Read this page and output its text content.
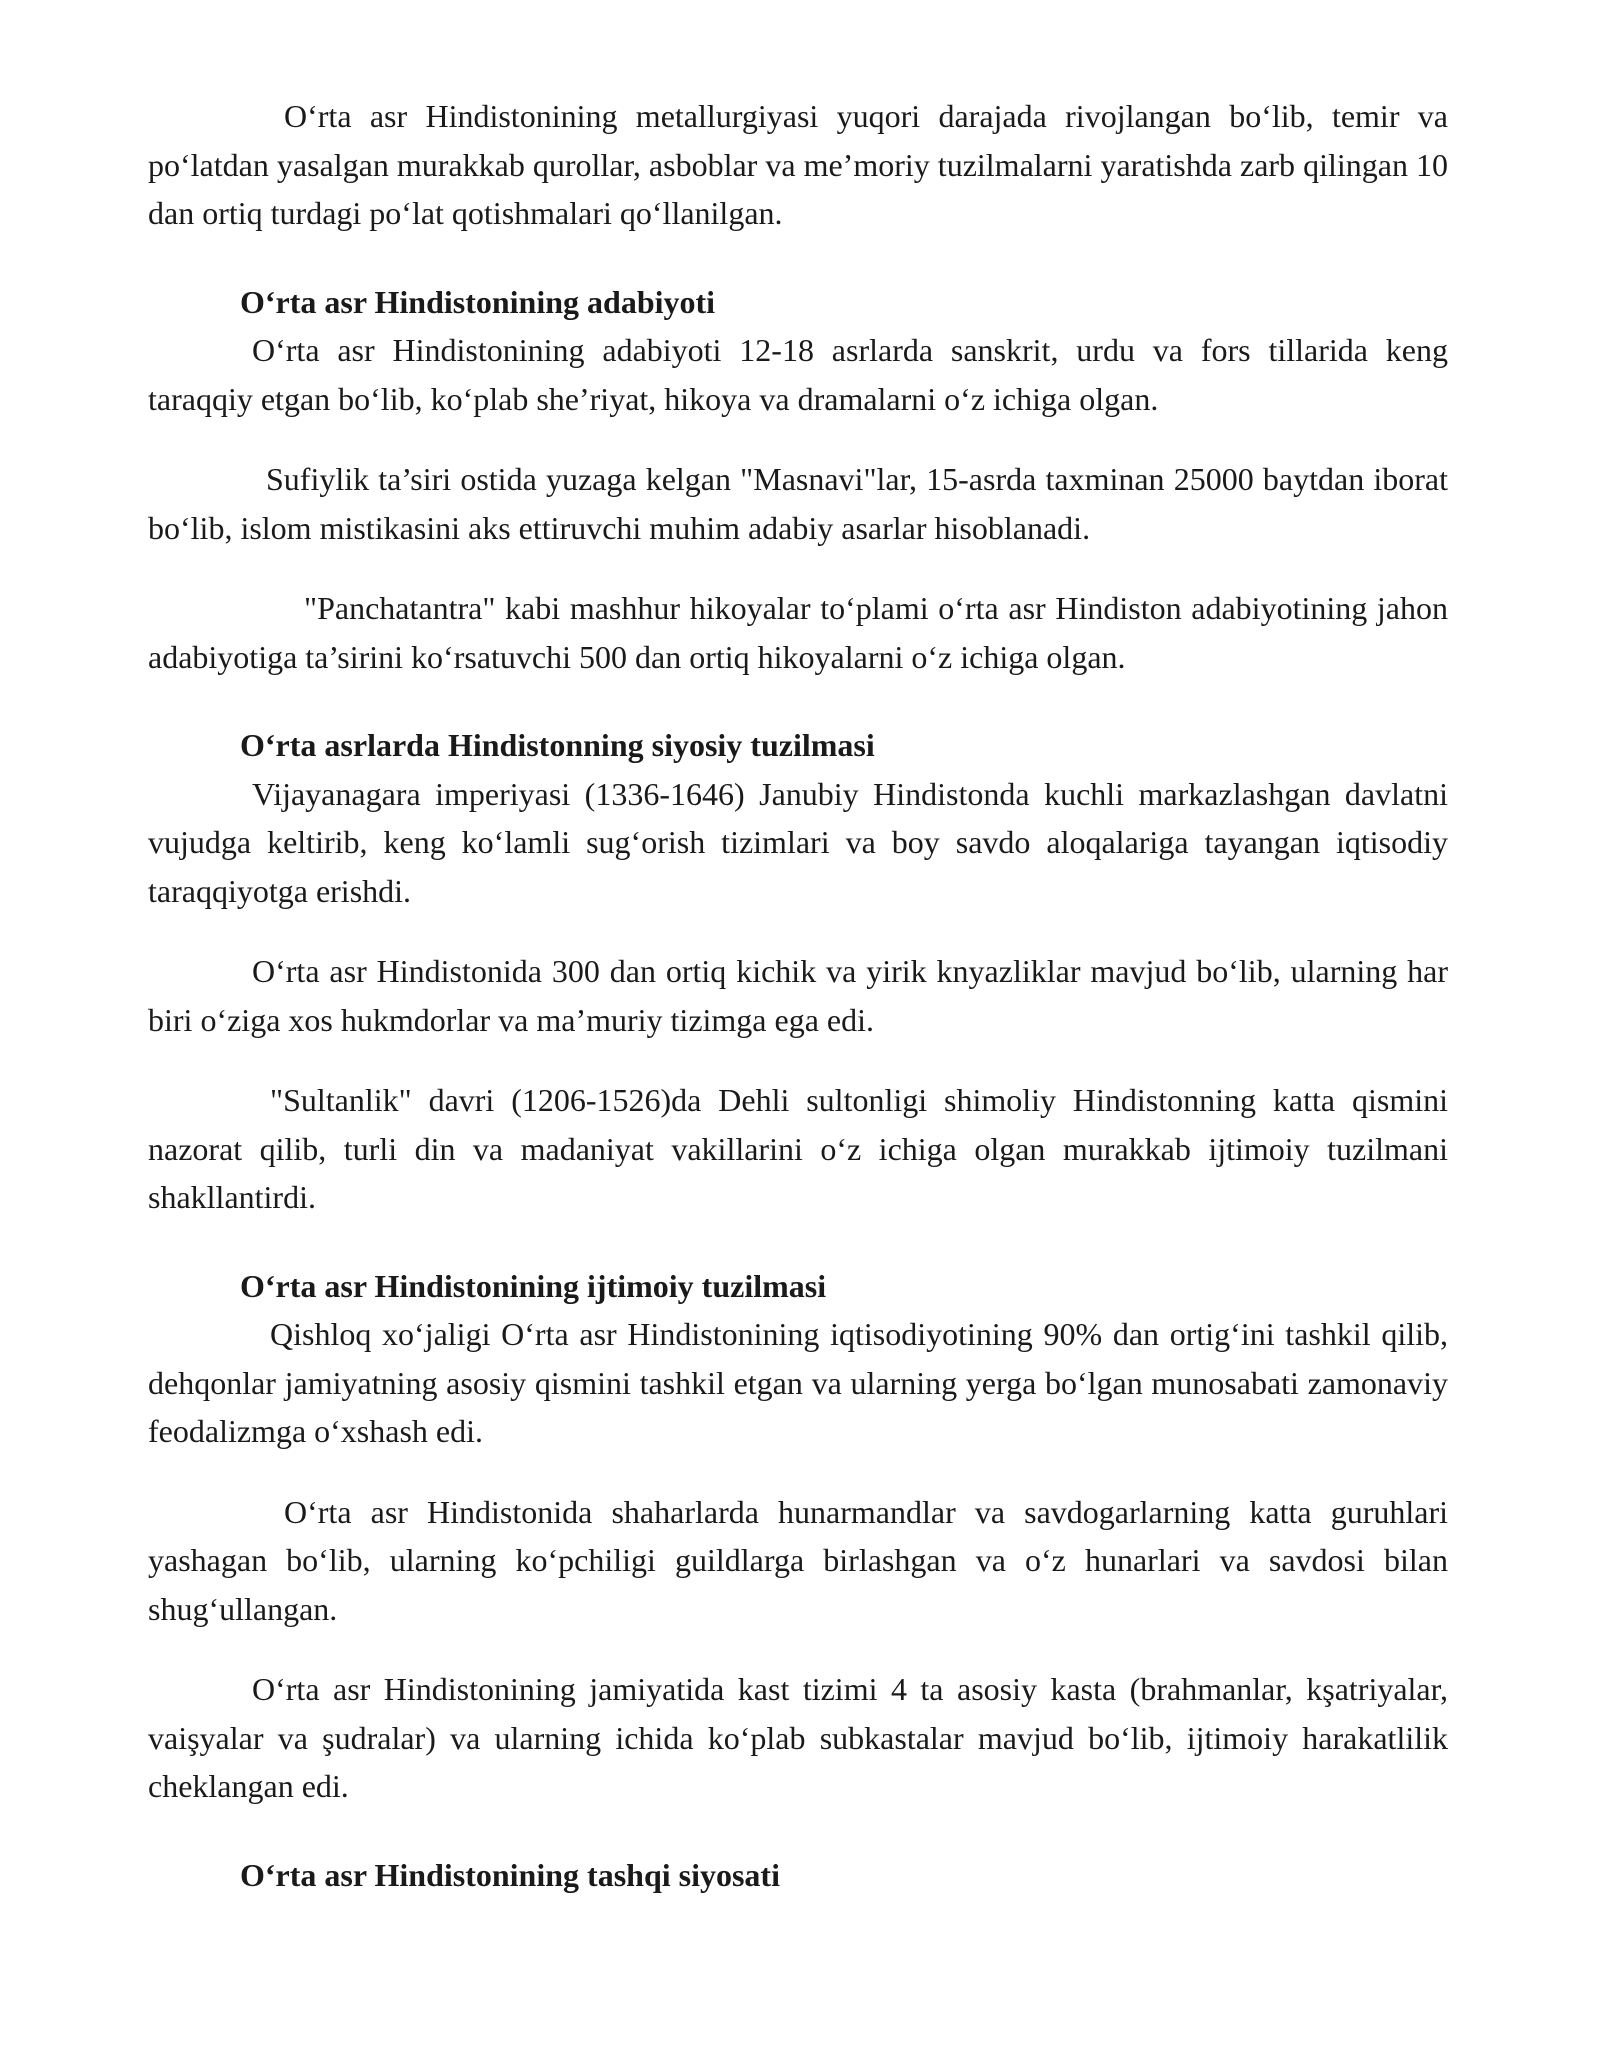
O‘rta asr Hindistonining metallurgiyasi yuqori darajada rivojlangan bo‘lib, temir va po‘latdan yasalgan murakkab qurollar, asboblar va me’moriy tuzilmalarni yaratishda zarb qilingan 10 dan ortiq turdagi po‘lat qotishmalari qo‘llanilgan.

O‘rta asr Hindistonining adabiyoti

O‘rta asr Hindistonining adabiyoti 12-18 asrlarda sanskrit, urdu va fors tillarida keng taraqqiy etgan bo‘lib, ko‘plab she’riyat, hikoya va dramalarni o‘z ichiga olgan.

Sufiylik ta’siri ostida yuzaga kelgan "Masnavi"lar, 15-asrda taxminan 25000 baytdan iborat bo‘lib, islom mistikasini aks ettiruvchi muhim adabiy asarlar hisoblanadi.

"Panchatantra" kabi mashhur hikoyalar to‘plami o‘rta asr Hindiston adabiyotining jahon adabiyotiga ta’sirini ko‘rsatuvchi 500 dan ortiq hikoyalarni o‘z ichiga olgan.

O‘rta asrlarda Hindistonning siyosiy tuzilmasi

Vijayanagara imperiyasi (1336-1646) Janubiy Hindistonda kuchli markazlashgan davlatni vujudga keltirib, keng ko‘lamli sug‘orish tizimlari va boy savdo aloqalariga tayangan iqtisodiy taraqqiyotga erishdi.

O‘rta asr Hindistonida 300 dan ortiq kichik va yirik knyazliklar mavjud bo‘lib, ularning har biri o‘ziga xos hukmdorlar va ma’muriy tizimga ega edi.

"Sultanlik" davri (1206-1526)da Dehli sultonligi shimoliy Hindistonning katta qismini nazorat qilib, turli din va madaniyat vakillarini o‘z ichiga olgan murakkab ijtimoiy tuzilmani shakllantirdi.

O‘rta asr Hindistonining ijtimoiy tuzilmasi

Qishloq xo‘jaligi O‘rta asr Hindistonining iqtisodiyotining 90% dan ortig‘ini tashkil qilib, dehqonlar jamiyatning asosiy qismini tashkil etgan va ularning yerga bo‘lgan munosabati zamonaviy feodalizmga o‘xshash edi.

O‘rta asr Hindistonida shaharlarda hunarmandlar va savdogarlarning katta guruhlari yashagan bo‘lib, ularning ko‘pchiligi guildlarga birlashgan va o‘z hunarlari va savdosi bilan shug‘ullangan.

O‘rta asr Hindistonining jamiyatida kast tizimi 4 ta asosiy kasta (brahmanlar, kşatriyalar, vaişyalar va şudralar) va ularning ichida ko‘plab subkastalar mavjud bo‘lib, ijtimoiy harakatlilik cheklangan edi.

O‘rta asr Hindistonining tashqi siyosati
